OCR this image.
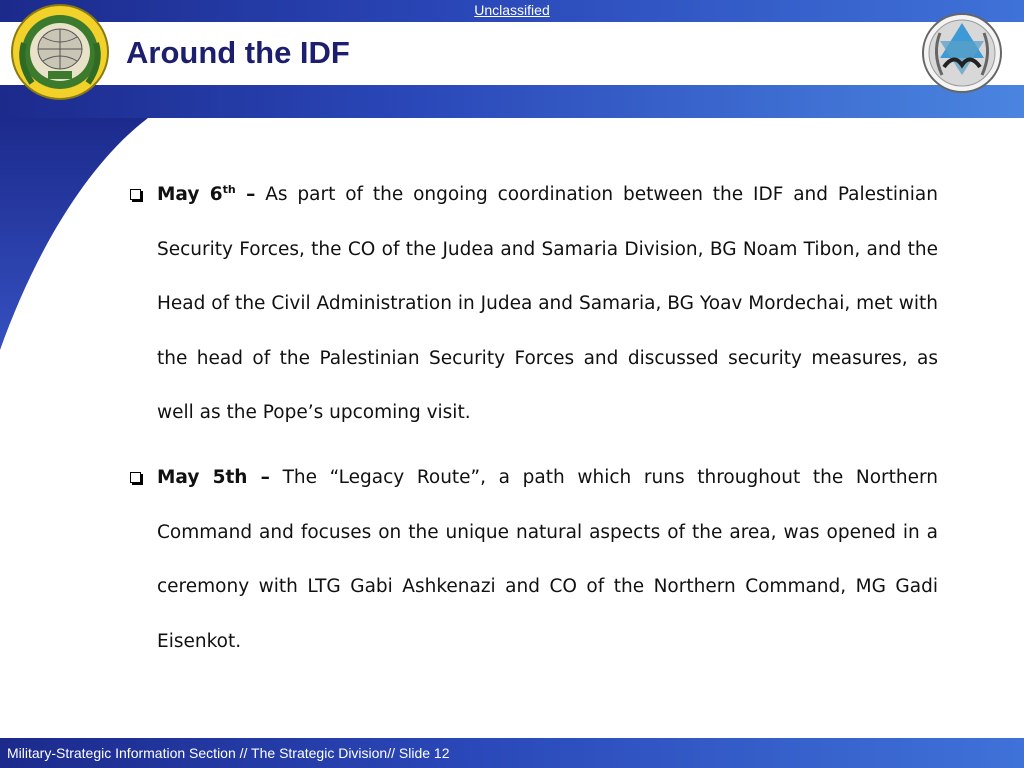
Unclassified
Around the IDF
May 6th – As part of the ongoing coordination between the IDF and Palestinian Security Forces, the CO of the Judea and Samaria Division, BG Noam Tibon, and the Head of the Civil Administration in Judea and Samaria, BG Yoav Mordechai, met with the head of the Palestinian Security Forces and discussed security measures, as well as the Pope’s upcoming visit.
May 5th – The “Legacy Route”, a path which runs throughout the Northern Command and focuses on the unique natural aspects of the area, was opened in a ceremony with LTG Gabi Ashkenazi and CO of the Northern Command, MG Gadi Eisenkot.
Military-Strategic Information Section // The Strategic Division// Slide 12
